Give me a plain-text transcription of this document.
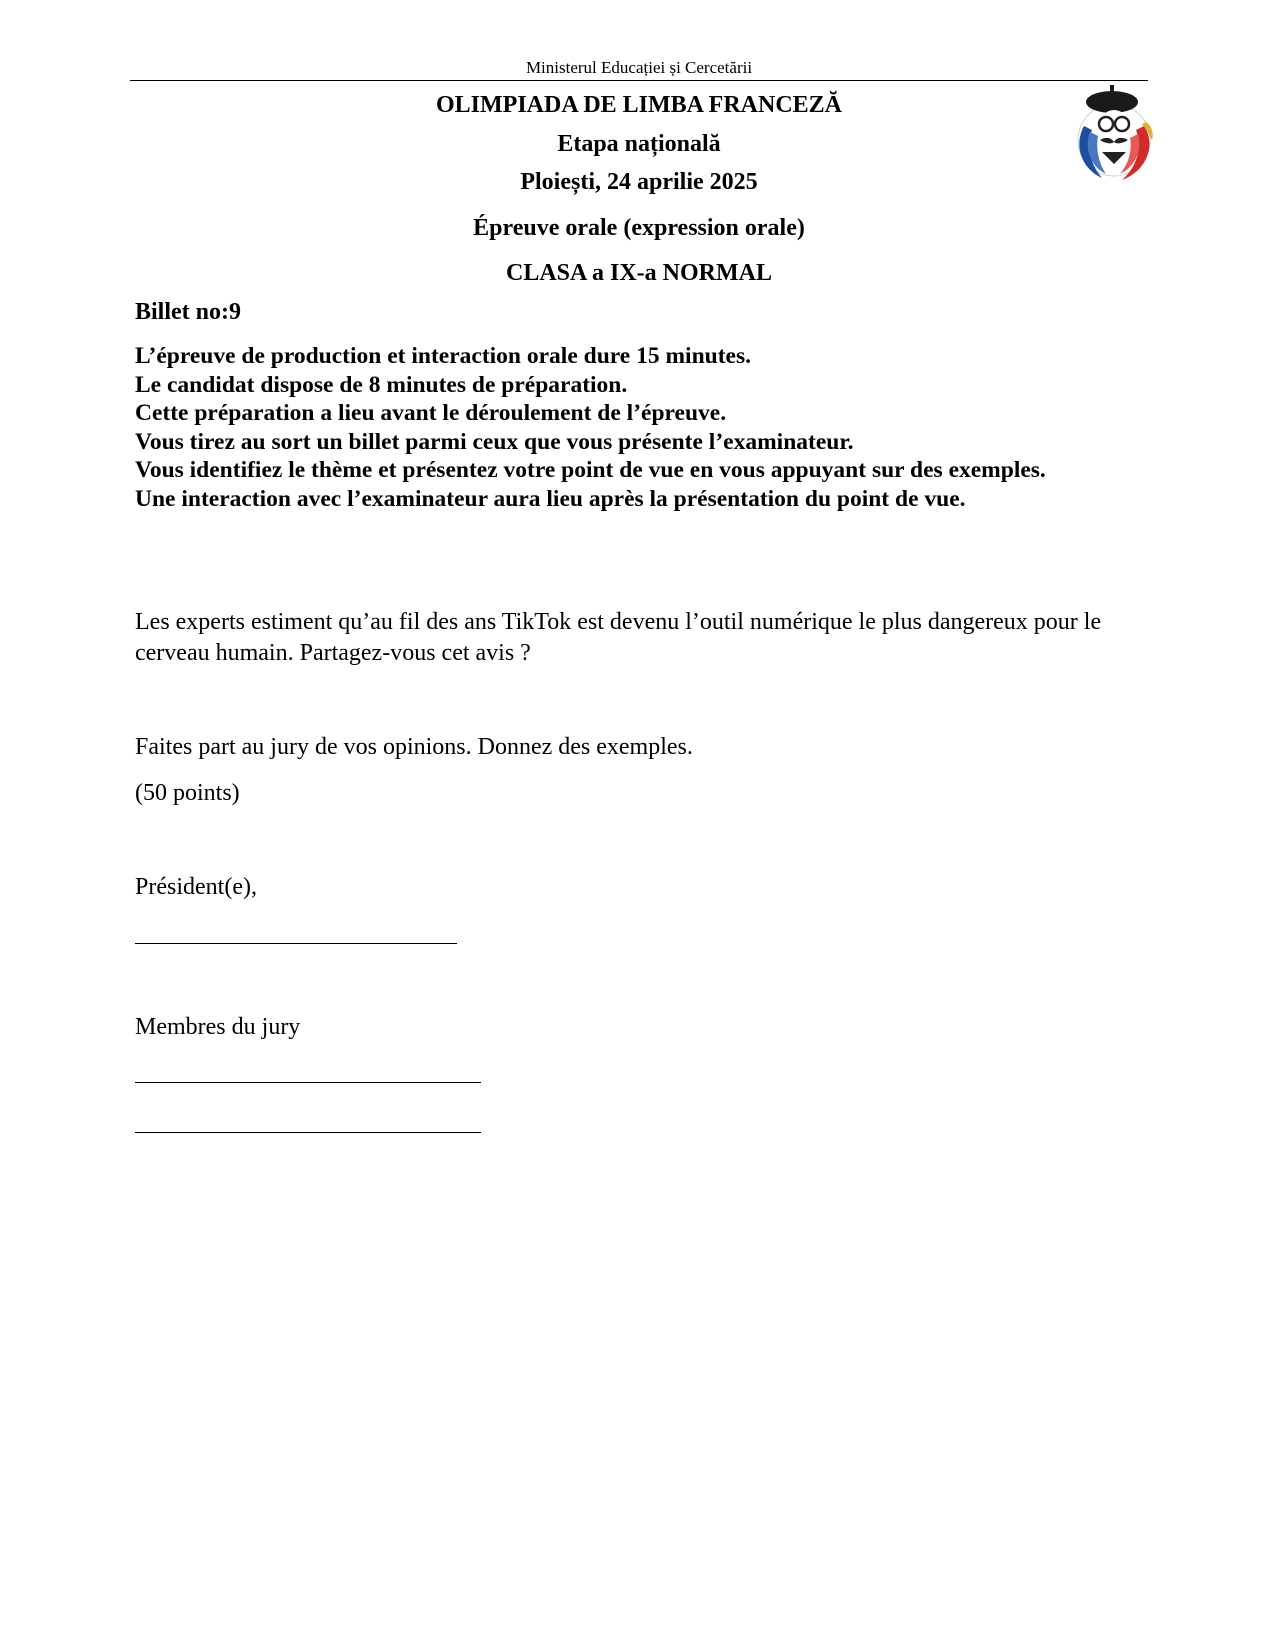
Ministerul Educației și Cercetării
OLIMPIADA DE LIMBA FRANCEZĂ
Etapa națională
Ploiești, 24 aprilie 2025
Épreuve orale (expression orale)
CLASA a IX-a NORMAL
Billet no:9
L’épreuve de production et interaction orale dure 15 minutes.
Le candidat dispose de 8 minutes de préparation.
Cette préparation a lieu avant le déroulement de l’épreuve.
Vous tirez au sort un billet parmi ceux que vous présente l’examinateur.
Vous identifiez le thème et présentez votre point de vue en vous appuyant sur des exemples.
Une interaction avec l’examinateur aura lieu après la présentation du point de vue.
Les experts estiment qu’au fil des ans TikTok est devenu l’outil numérique le plus dangereux pour le
cerveau humain. Partagez-vous cet avis ?
Faites part au jury de vos opinions. Donnez des exemples.
(50 points)
Président(e),
Membres du jury
